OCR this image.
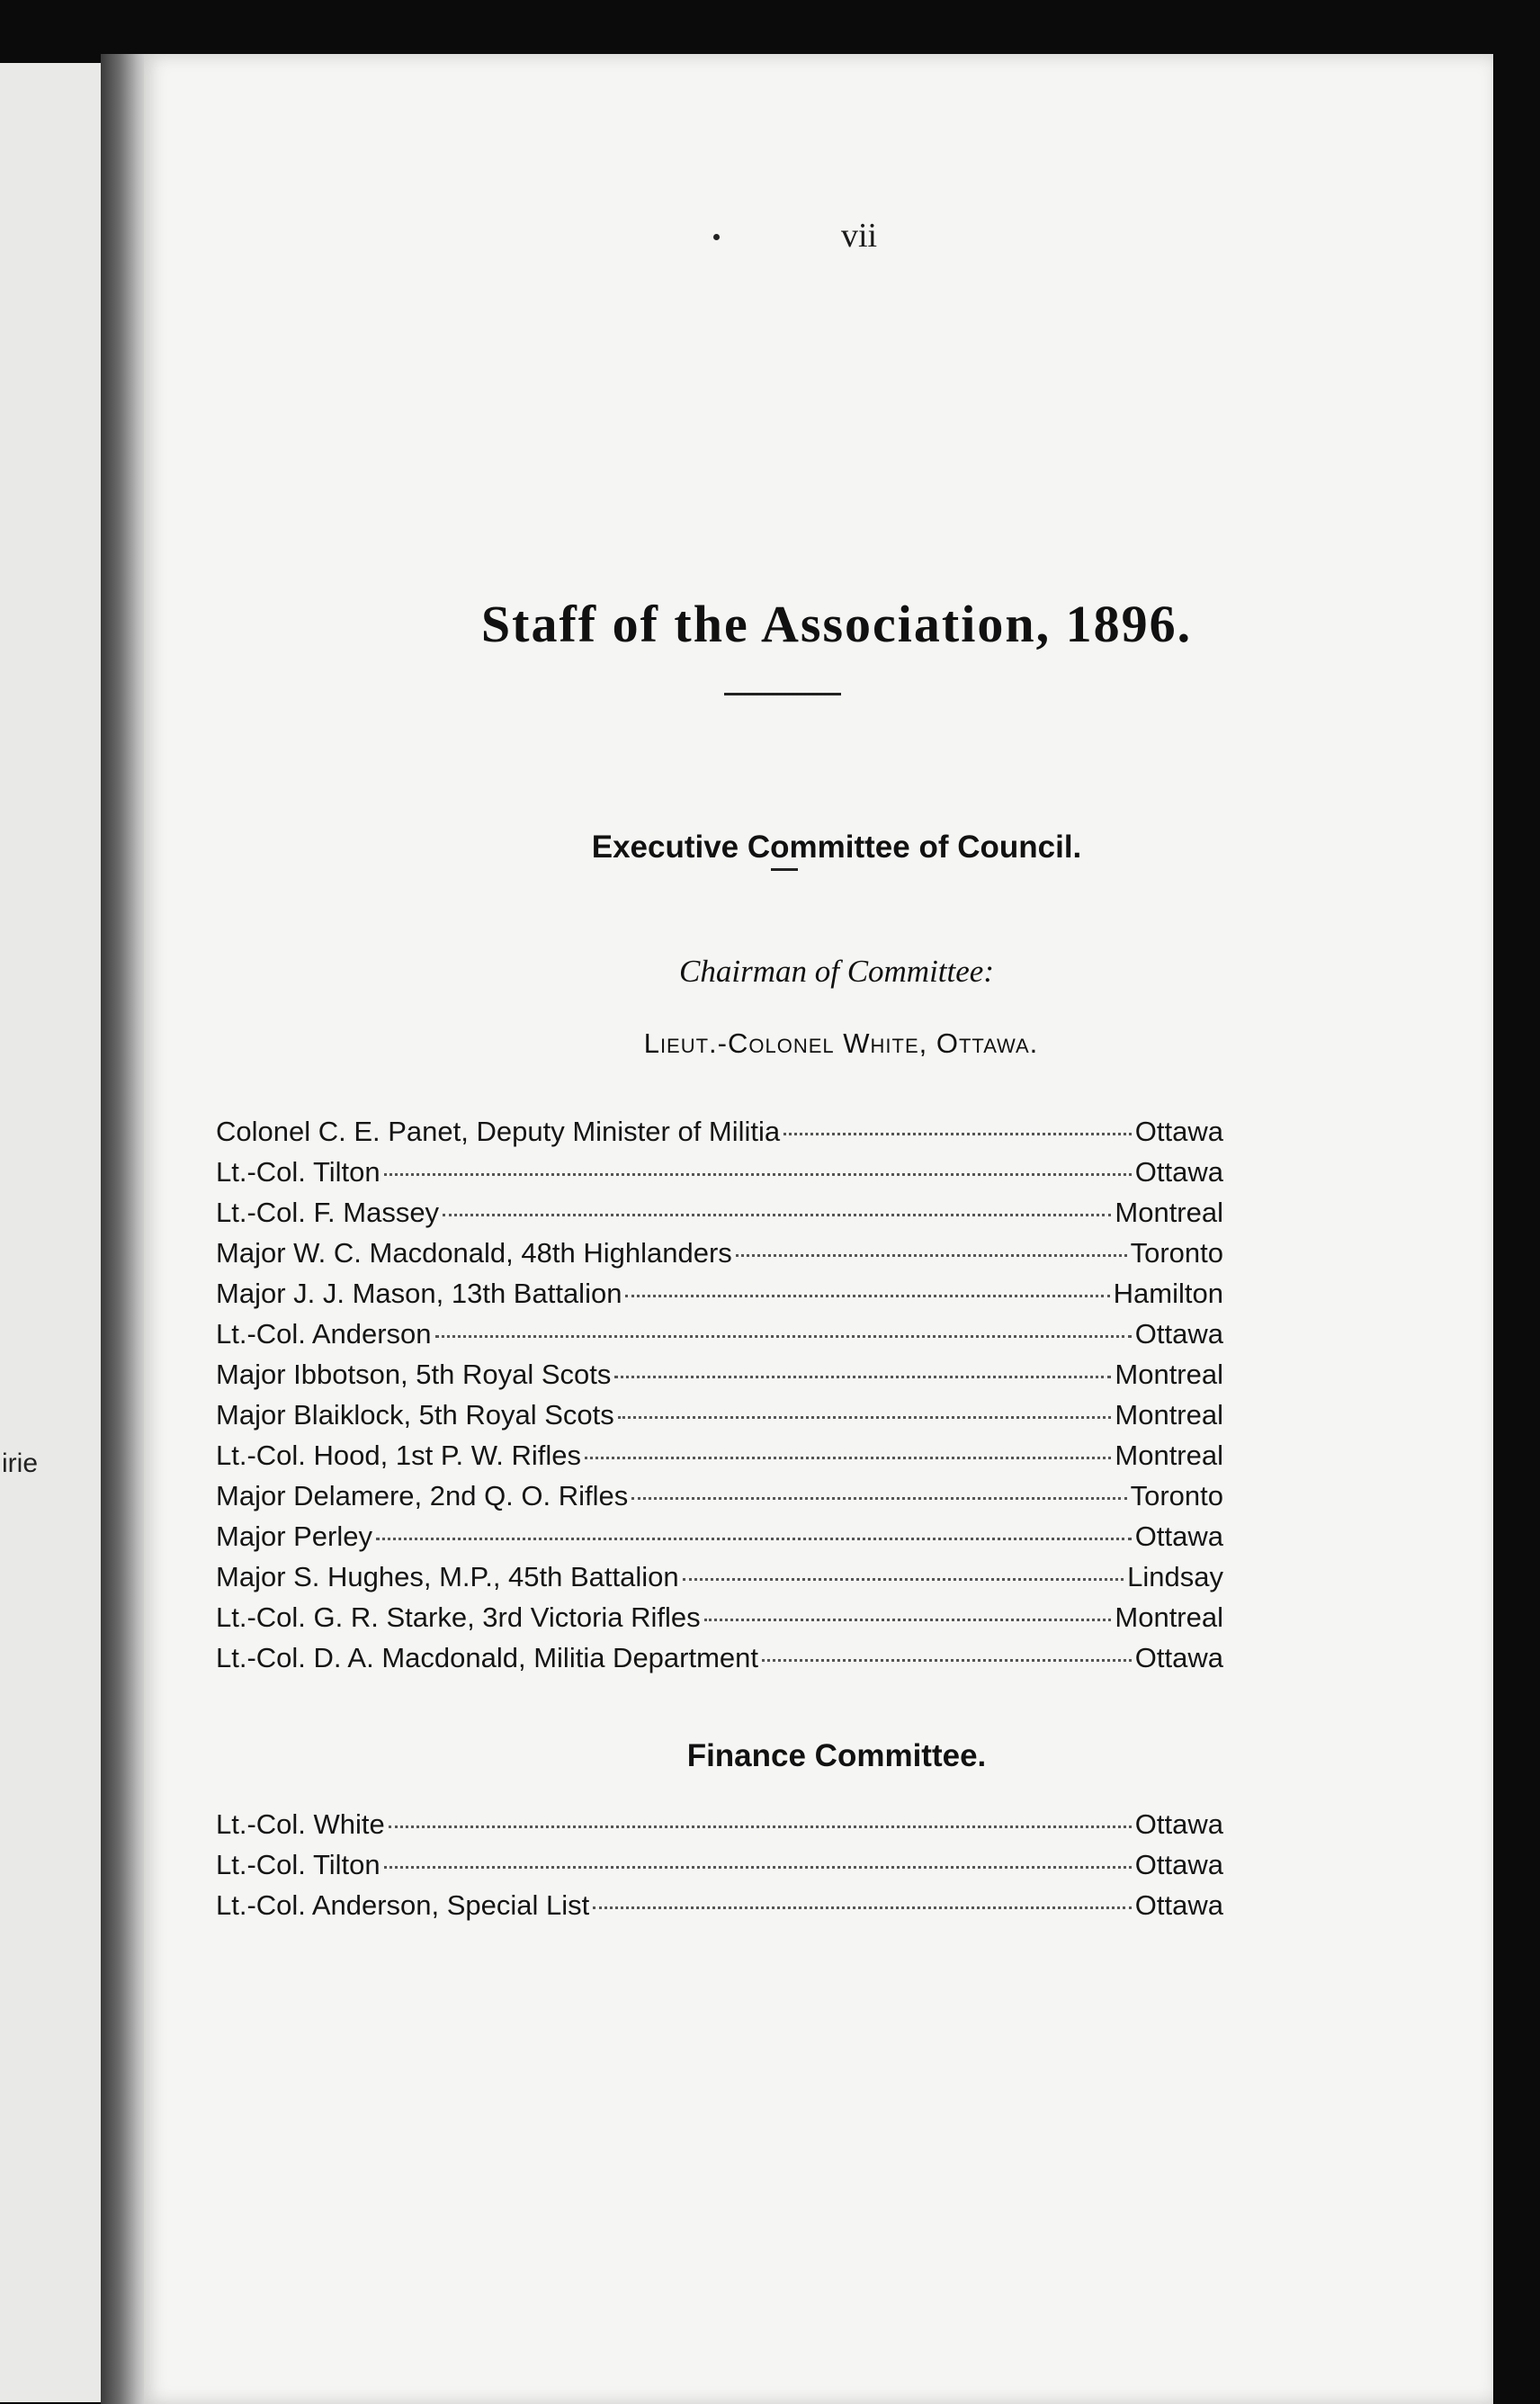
irie
vii
Staff of the Association, 1896.
Executive Committee of Council.
Chairman of Committee:
Lieut.-Colonel White, Ottawa.
Colonel C. E. Panet, Deputy Minister of Militia	Ottawa
Lt.-Col. Tilton	Ottawa
Lt.-Col. F. Massey	Montreal
Major W. C. Macdonald, 48th Highlanders	Toronto
Major J. J. Mason, 13th Battalion	Hamilton
Lt.-Col. Anderson	Ottawa
Major Ibbotson, 5th Royal Scots	Montreal
Major Blaiklock, 5th Royal Scots	Montreal
Lt.-Col. Hood, 1st P. W. Rifles	Montreal
Major Delamere, 2nd Q. O. Rifles	Toronto
Major Perley	Ottawa
Major S. Hughes, M.P., 45th Battalion	Lindsay
Lt.-Col. G. R. Starke, 3rd Victoria Rifles	Montreal
Lt.-Col. D. A. Macdonald, Militia Department	Ottawa
Finance Committee.
Lt.-Col. White	Ottawa
Lt.-Col. Tilton	Ottawa
Lt.-Col. Anderson, Special List	Ottawa
